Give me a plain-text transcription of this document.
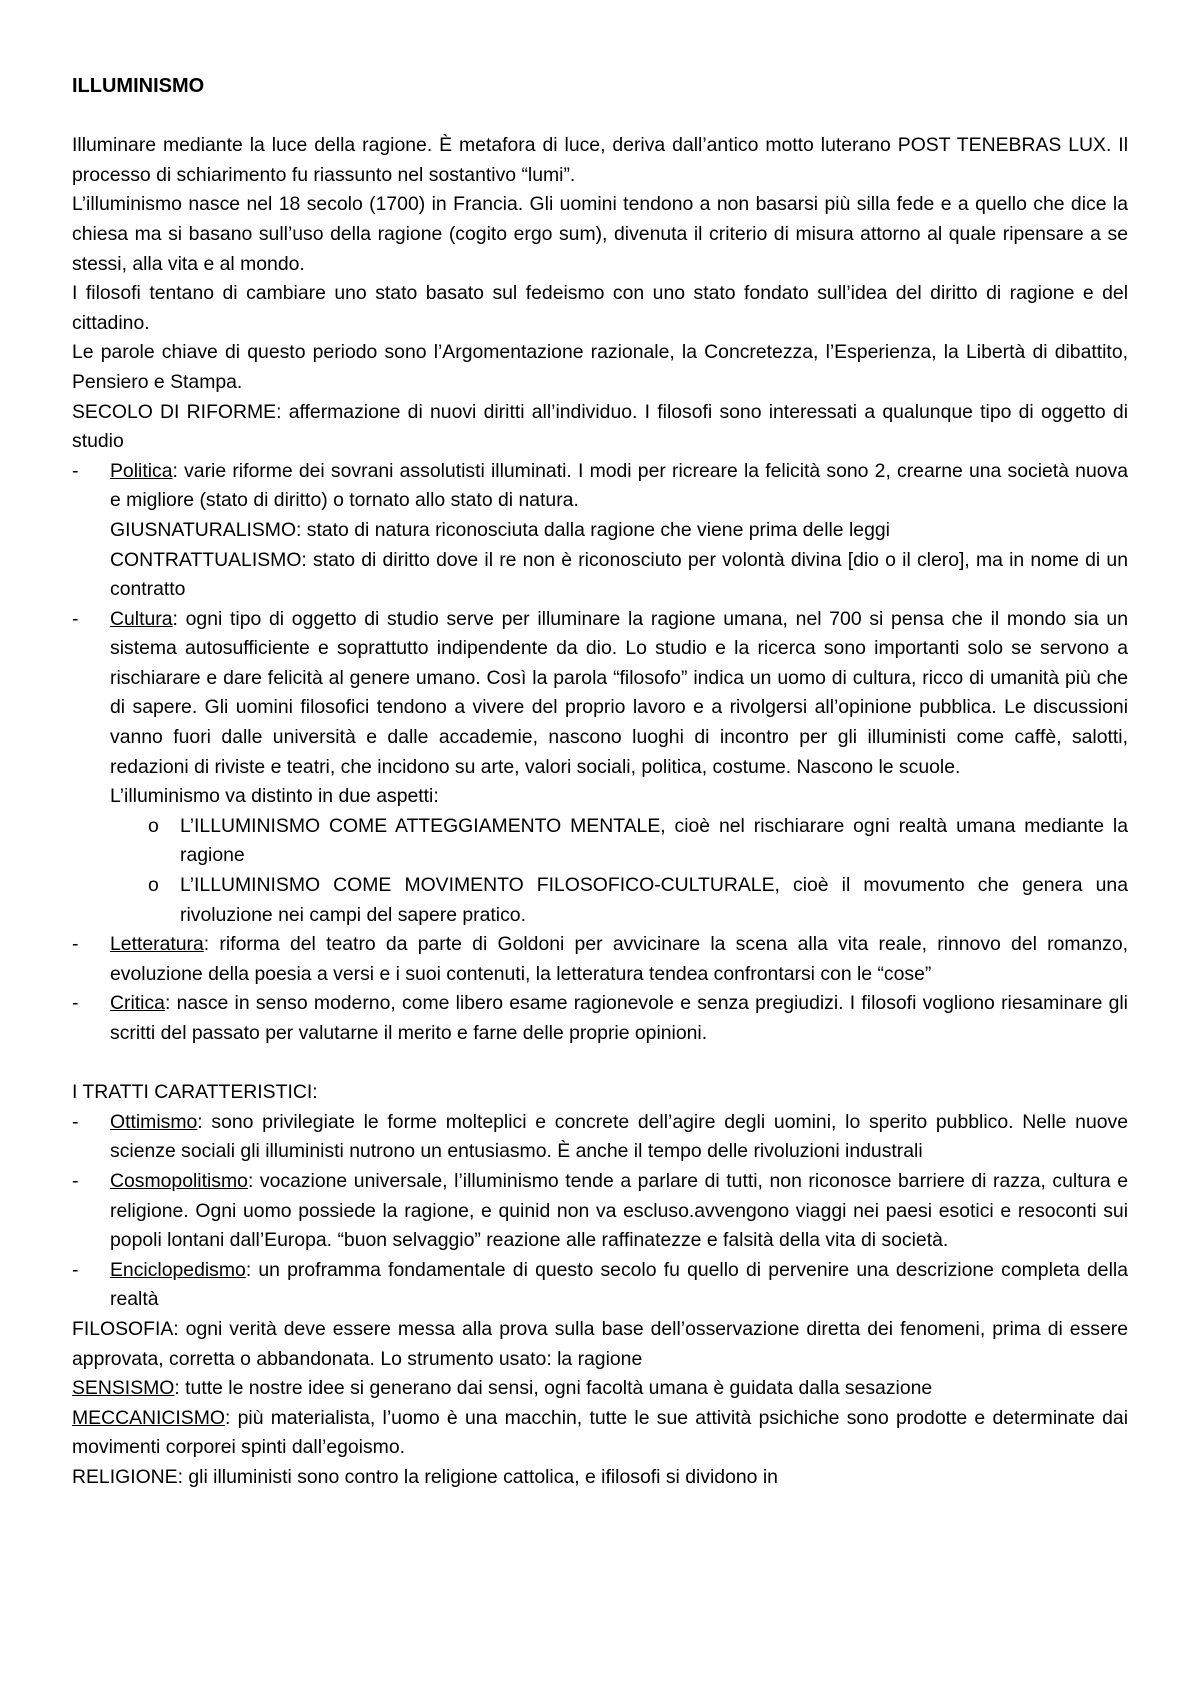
ILLUMINISMO

Illuminare mediante la luce della ragione. È metafora di luce, deriva dall’antico motto luterano POST TENEBRAS LUX. Il processo di schiarimento fu riassunto nel sostantivo “lumi”.

L’illuminismo nasce nel 18 secolo (1700) in Francia. Gli uomini tendono a non basarsi più silla fede e a quello che dice la chiesa ma si basano sull’uso della ragione (cogito ergo sum), divenuta il criterio di misura attorno al quale ripensare a se stessi, alla vita e al mondo.

I filosofi tentano di cambiare uno stato basato sul fedeismo con uno stato fondato sull’idea del diritto di ragione e del cittadino.

Le parole chiave di questo periodo sono l’Argomentazione razionale, la Concretezza, l’Esperienza, la Libertà di dibattito, Pensiero e Stampa.

SECOLO DI RIFORME: affermazione di nuovi diritti all’individuo. I filosofi sono interessati a qualunque tipo di oggetto di studio

- Politica: varie riforme dei sovrani assolutisti illuminati. I modi per ricreare la felicità sono 2, crearne una società nuova e migliore (stato di diritto) o tornato allo stato di natura.
GIUSNATURALISMO: stato di natura riconosciuta dalla ragione che viene prima delle leggi
CONTRATTUALISMO: stato di diritto dove il re non è riconosciuto per volontà divina [dio o il clero], ma in nome di un contratto
- Cultura: ogni tipo di oggetto di studio serve per illuminare la ragione umana, nel 700 si pensa che il mondo sia un sistema autosufficiente e soprattutto indipendente da dio. Lo studio e la ricerca sono importanti solo se servono a rischiarare e dare felicità al genere umano. Così la parola “filosofo” indica un uomo di cultura, ricco di umanità più che di sapere. Gli uomini filosofici tendono a vivere del proprio lavoro e a rivolgersi all’opinione pubblica. Le discussioni vanno fuori dalle università e dalle accademie, nascono luoghi di incontro per gli illuministi come caffè, salotti, redazioni di riviste e teatri, che incidono su arte, valori sociali, politica, costume. Nascono le scuole.
L’illuminismo va distinto in due aspetti:
o L’ILLUMINISMO COME ATTEGGIAMENTO MENTALE, cioè nel rischiarare ogni realtà umana mediante la ragione
o L’ILLUMINISMO COME MOVIMENTO FILOSOFICO-CULTURALE, cioè il movumento che genera una rivoluzione nei campi del sapere pratico.
- Letteratura: riforma del teatro da parte di Goldoni per avvicinare la scena alla vita reale, rinnovo del romanzo, evoluzione della poesia a versi e i suoi contenuti, la letteratura tendea confrontarsi con le “cose”
- Critica: nasce in senso moderno, come libero esame ragionevole e senza pregiudizi. I filosofi vogliono riesaminare gli scritti del passato per valutarne il merito e farne delle proprie opinioni.

I TRATTI CARATTERISTICI:

- Ottimismo: sono privilegiate le forme molteplici e concrete dell’agire degli uomini, lo sperito pubblico. Nelle nuove scienze sociali gli illuministi nutrono un entusiasmo. È anche il tempo delle rivoluzioni industrali
- Cosmopolitismo: vocazione universale, l’illuminismo tende a parlare di tutti, non riconosce barriere di razza, cultura e religione. Ogni uomo possiede la ragione, e quinid non va escluso.avvengono viaggi nei paesi esotici e resoconti sui popoli lontani dall’Europa. “buon selvaggio” reazione alle raffinatezze e falsità della vita di società.
- Enciclopedismo: un proframma fondamentale di questo secolo fu quello di pervenire una descrizione completa della realtà

FILOSOFIA: ogni verità deve essere messa alla prova sulla base dell’osservazione diretta dei fenomeni, prima di essere approvata, corretta o abbandonata. Lo strumento usato: la ragione

SENSISMO: tutte le nostre idee si generano dai sensi, ogni facoltà umana è guidata dalla sesazione

MECCANICISMO: più materialista, l’uomo è una macchin, tutte le sue attività psichiche sono prodotte e determinate dai movimenti corporei spinti dall’egoismo.

RELIGIONE: gli illuministi sono contro la religione cattolica, e ifilosofi si dividono in
